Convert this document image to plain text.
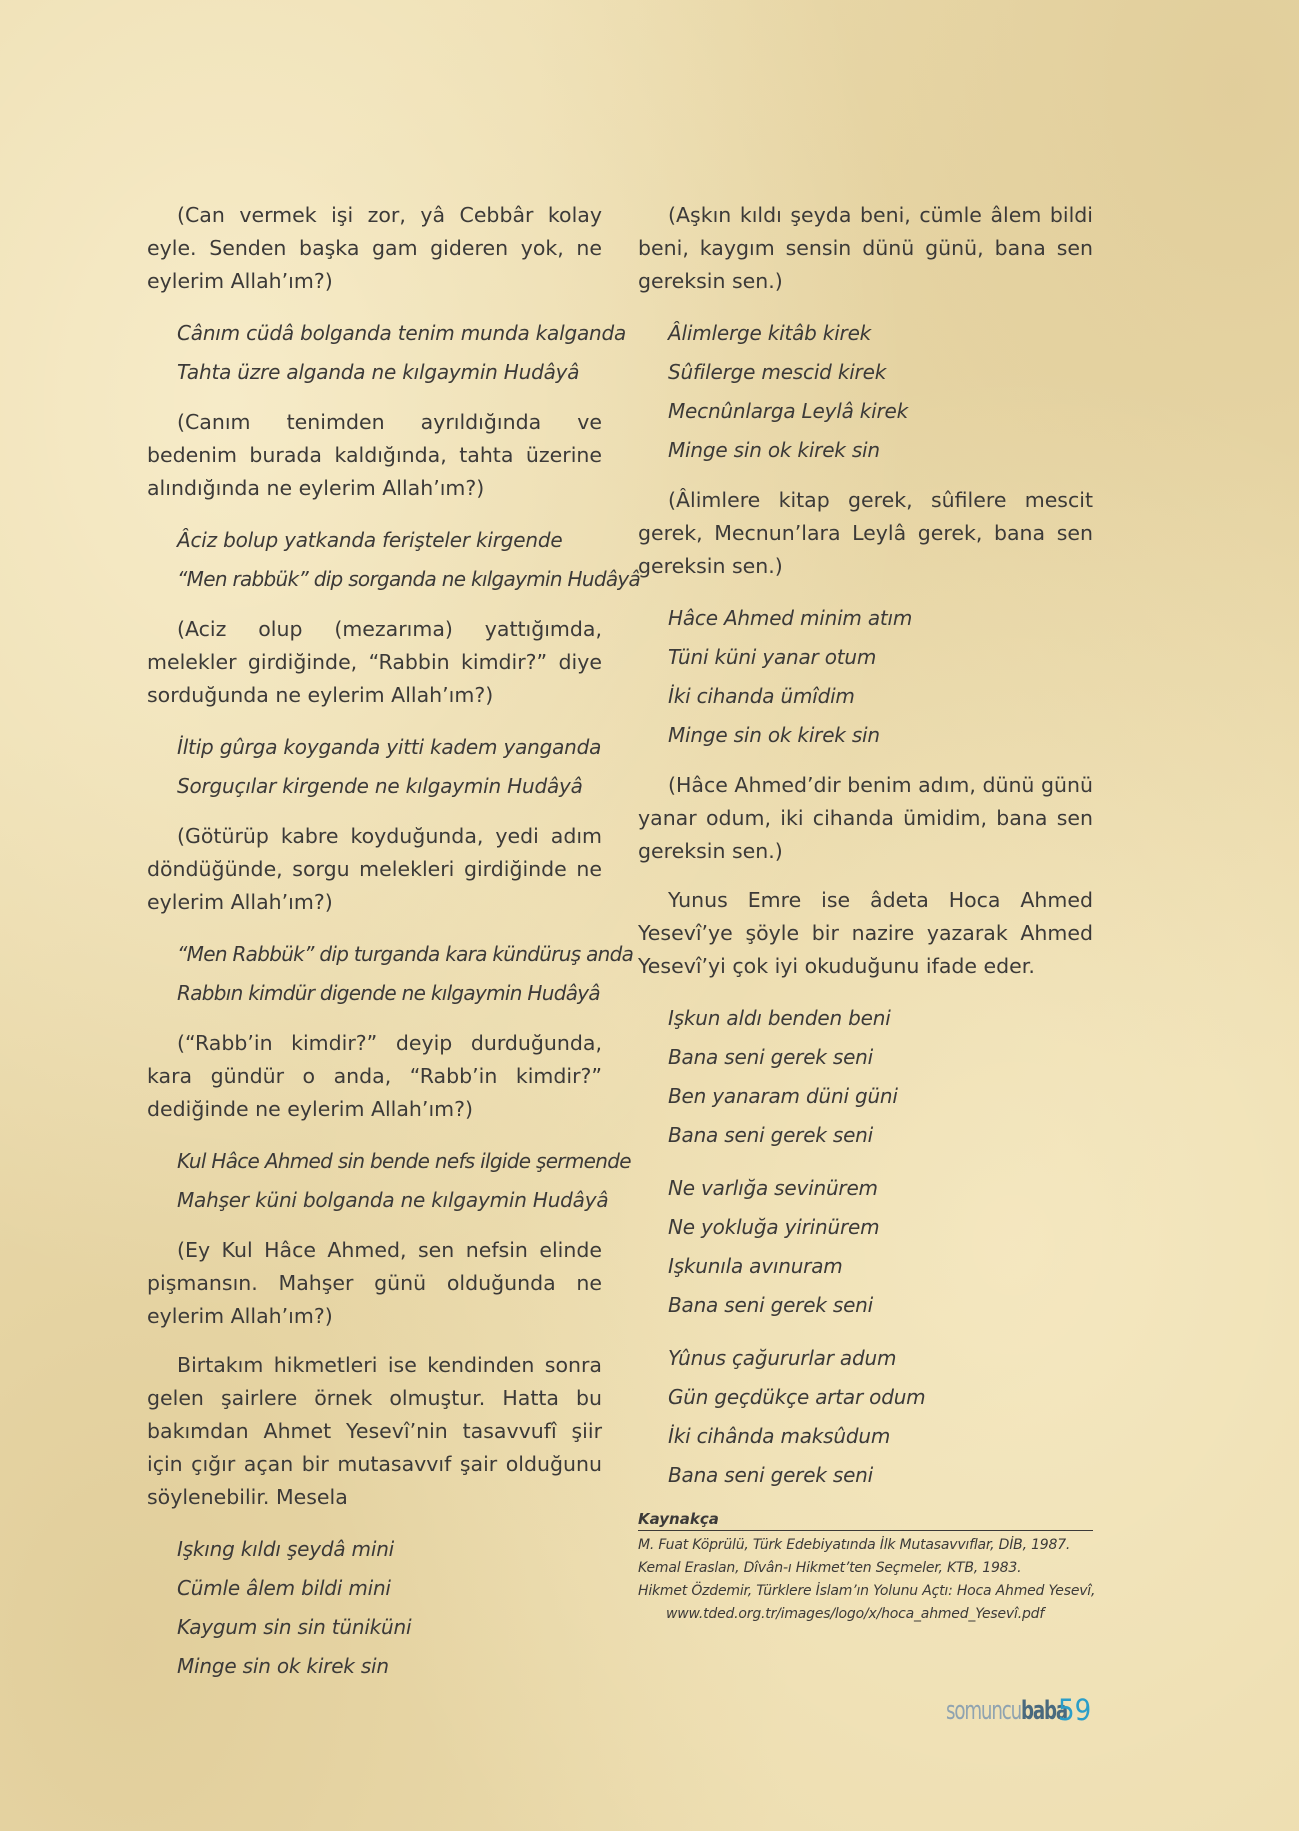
(Can vermek işi zor, yâ Cebbâr kolay eyle. Senden başka gam gideren yok, ne eylerim Allah’ım?)

Cânım cüdâ bolganda tenim munda kalganda
Tahta üzre alganda ne kılgaymin Hudâyâ

(Canım tenimden ayrıldığında ve bedenim burada kaldığında, tahta üzerine alındığında ne eylerim Allah’ım?)

Âciz bolup yatkanda ferişteler kirgende
“Men rabbük” dip sorganda ne kılgaymin Hudâyâ

(Aciz olup (mezarıma) yattığımda, melekler girdiğinde, “Rabbin kimdir?” diye sorduğunda ne eylerim Allah’ım?)

İltip gûrga koyganda yitti kadem yanganda
Sorguçılar kirgende ne kılgaymin Hudâyâ

(Götürüp kabre koyduğunda, yedi adım döndüğünde, sorgu melekleri girdiğinde ne eylerim Allah’ım?)

“Men Rabbük” dip turganda kara kündüruş anda
Rabbın kimdür digende ne kılgaymin Hudâyâ

(“Rabb’in kimdir?” deyip durduğunda, kara gündür o anda, “Rabb’in kimdir?” dediğinde ne eylerim Allah’ım?)

Kul Hâce Ahmed sin bende nefs ilgide şermende
Mahşer küni bolganda ne kılgaymin Hudâyâ

(Ey Kul Hâce Ahmed, sen nefsin elinde pişmansın. Mahşer günü olduğunda ne eylerim Allah’ım?)

Birtakım hikmetleri ise kendinden sonra gelen şairlere örnek olmuştur. Hatta bu bakımdan Ahmet Yesevî’nin tasavvufî şiir için çığır açan bir mutasavvıf şair olduğunu söylenebilir. Mesela

Işkıng kıldı şeydâ mini
Cümle âlem bildi mini
Kaygum sin sin tüniküni
Minge sin ok kirek sin

(Aşkın kıldı şeyda beni, cümle âlem bildi beni, kaygım sensin dünü günü, bana sen gereksin sen.)

Âlimlerge kitâb kirek
Sûfilerge mescid kirek
Mecnûnlarga Leylâ kirek
Minge sin ok kirek sin

(Âlimlere kitap gerek, sûfilere mescit gerek, Mecnun’lara Leylâ gerek, bana sen gereksin sen.)

Hâce Ahmed minim atım
Tüni küni yanar otum
İki cihanda ümîdim
Minge sin ok kirek sin

(Hâce Ahmed’dir benim adım, dünü günü yanar odum, iki cihanda ümidim, bana sen gereksin sen.)

Yunus Emre ise âdeta Hoca Ahmed Yesevî’ye şöyle bir nazire yazarak Ahmed Yesevî’yi çok iyi okuduğunu ifade eder.

Işkun aldı benden beni
Bana seni gerek seni
Ben yanaram düni güni
Bana seni gerek seni
Ne varlığa sevinürem
Ne yokluğa yirinürem
Işkunıla avınuram
Bana seni gerek seni
Yûnus çağururlar adum
Gün geçdükçe artar odum
İki cihânda maksûdum
Bana seni gerek seni
Kaynakça
M. Fuat Köprülü, Türk Edebiyatında İlk Mutasavvıflar, DİB, 1987.
Kemal Eraslan, Dîvân-ı Hikmet’ten Seçmeler, KTB, 1983.
Hikmet Özdemir, Türklere İslam’ın Yolunu Açtı: Hoca Ahmed Yesevî,
www.tded.org.tr/images/logo/x/hoca_ahmed_Yesevî.pdf
somuncubaba
59
